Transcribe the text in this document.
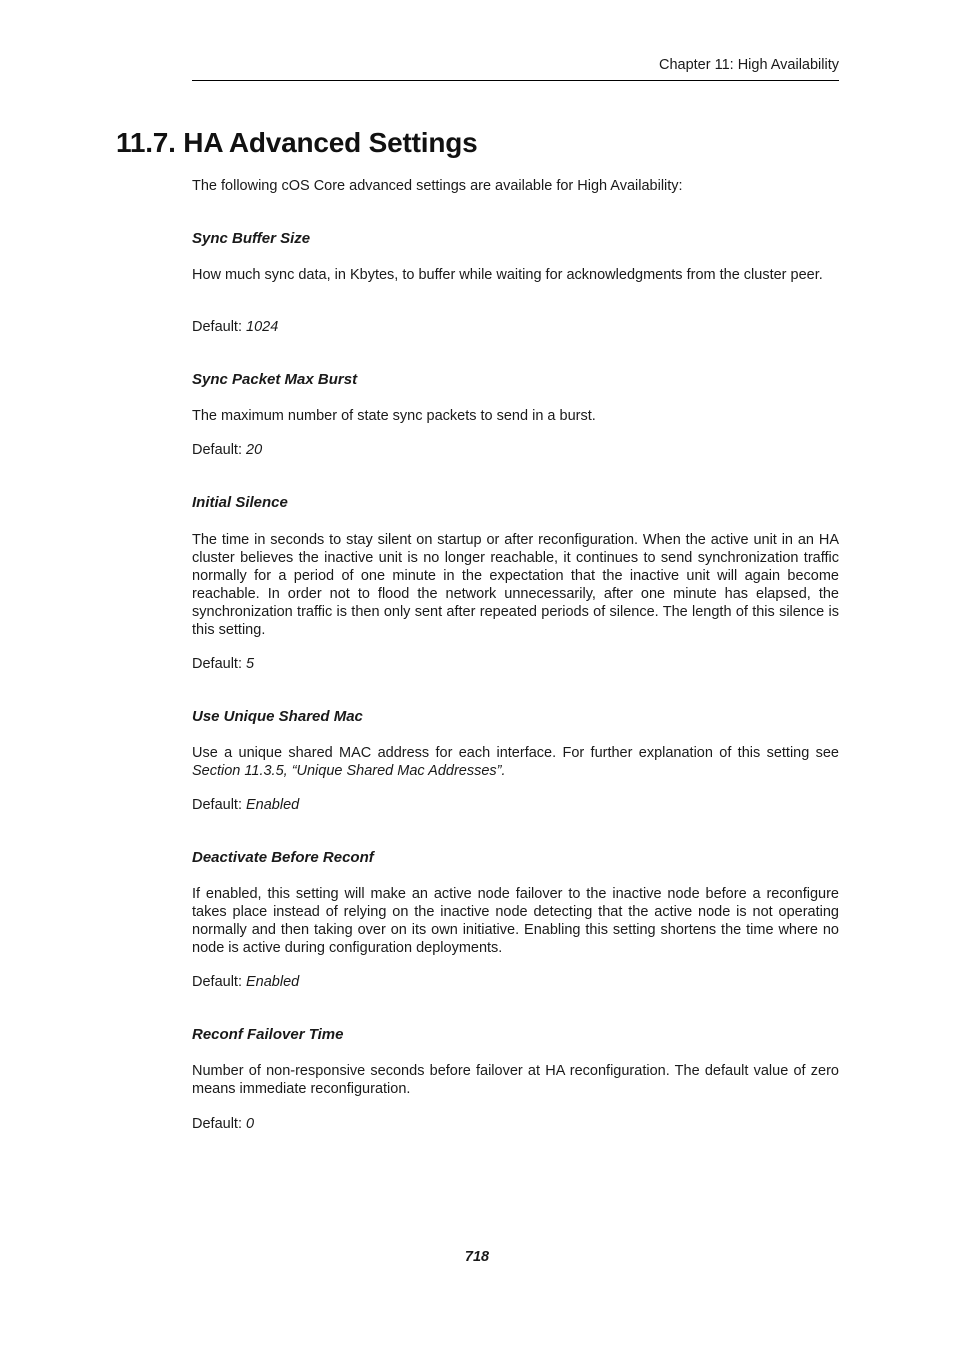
Chapter 11: High Availability
11.7. HA Advanced Settings

The following cOS Core advanced settings are available for High Availability:

Sync Buffer Size

How much sync data, in Kbytes, to buffer while waiting for acknowledgments from the cluster peer.

Default: 1024

Sync Packet Max Burst

The maximum number of state sync packets to send in a burst.

Default: 20

Initial Silence

The time in seconds to stay silent on startup or after reconfiguration. When the active unit in an HA cluster believes the inactive unit is no longer reachable, it continues to send synchronization traffic normally for a period of one minute in the expectation that the inactive unit will again become reachable. In order not to flood the network unnecessarily, after one minute has elapsed, the synchronization traffic is then only sent after repeated periods of silence. The length of this silence is this setting.

Default: 5

Use Unique Shared Mac

Use a unique shared MAC address for each interface. For further explanation of this setting see Section 11.3.5, “Unique Shared Mac Addresses”.

Default: Enabled

Deactivate Before Reconf

If enabled, this setting will make an active node failover to the inactive node before a reconfigure takes place instead of relying on the inactive node detecting that the active node is not operating normally and then taking over on its own initiative. Enabling this setting shortens the time where no node is active during configuration deployments.

Default: Enabled

Reconf Failover Time

Number of non-responsive seconds before failover at HA reconfiguration. The default value of zero means immediate reconfiguration.

Default: 0

718
